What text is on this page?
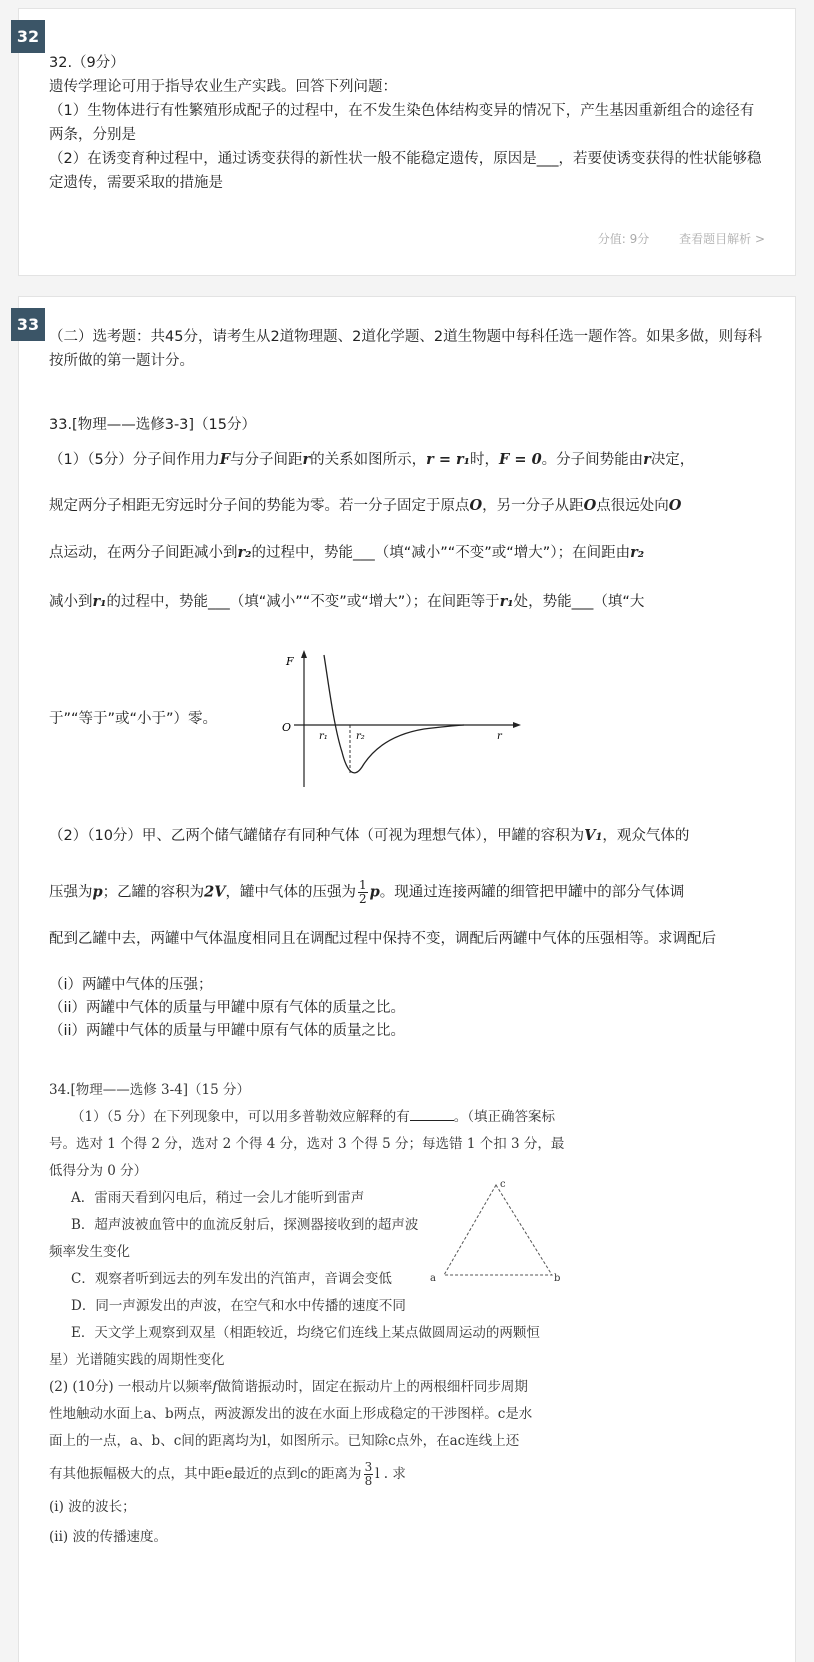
32
32.（9分）
遗传学理论可用于指导农业生产实践。回答下列问题：
（1）生物体进行有性繁殖形成配子的过程中，在不发生染色体结构变异的情况下，产生基因重新组合的途径有两条，分别是
（2）在诱变育种过程中，通过诱变获得的新性状一般不能稳定遗传，原因是___，若要使诱变获得的性状能够稳定遗传，需要采取的措施是
分值: 9分 查看题目解析 >
33
（二）选考题：共45分，请考生从2道物理题、2道化学题、2道生物题中每科任选一题作答。如果多做，则每科按所做的第一题计分。
33.[物理——选修3-3]（15分）
（1）（5分）分子间作用力F与分子间距r的关系如图所示，r = r₁时，F = 0。分子间势能由r决定，
规定两分子相距无穷远时分子间的势能为零。若一分子固定于原点O，另一分子从距O点很远处向O
点运动，在两分子间距减小到r₂的过程中，势能___（填“减小”“不变”或“增大”）；在间距由r₂
减小到r₁的过程中，势能___（填“减小”“不变”或“增大”）；在间距等于r₁处，势能___（填“大
于”“等于”或“小于”）零。
F
O
r₁	r₂	r
（2）（10分）甲、乙两个储气罐储存有同种气体（可视为理想气体），甲罐的容积为V1，观众气体的
压强为p；乙罐的容积为2V，罐中气体的压强为 $\frac{1}{2}$ p。现通过连接两罐的细管把甲罐中的部分气体调
配到乙罐中去，两罐中气体温度相同且在调配过程中保持不变，调配后两罐中气体的压强相等。求调配后
（i）两罐中气体的压强；
（ii）两罐中气体的质量与甲罐中原有气体的质量之比。
（ii）两罐中气体的质量与甲罐中原有气体的质量之比。
34.[物理——选修 3-4]（15 分）
（1）（5 分）在下列现象中，可以用多普勒效应解释的有	。（填正确答案标
号。选对 1 个得 2 分，选对 2 个得 4 分，选对 3 个得 5 分；每选错 1 个扣 3 分，最
低得分为 0 分）
A．雷雨天看到闪电后，稍过一会儿才能听到雷声
B．超声波被血管中的血流反射后，探测器接收到的超声波
频率发生变化
C．观察者听到远去的列车发出的汽笛声，音调会变低
D．同一声源发出的声波，在空气和水中传播的速度不同
E．天文学上观察到双星（相距较近，均绕它们连线上某点做圆周运动的两颗恒
星）光谱随实践的周期性变化
c
a	b
(2) (10分) 一根动片以频率f做简谐振动时，固定在振动片上的两根细杆同步周期
性地触动水面上a、b两点，两波源发出的波在水面上形成稳定的干涉图样。c是水
面上的一点，a、b、c间的距离均为l，如图所示。已知除c点外，在ac连线上还
有其他振幅极大的点，其中距e最近的点到c的距离为 $\frac{3}{8}$ l . 求
(i) 波的波长；
(ii) 波的传播速度。
